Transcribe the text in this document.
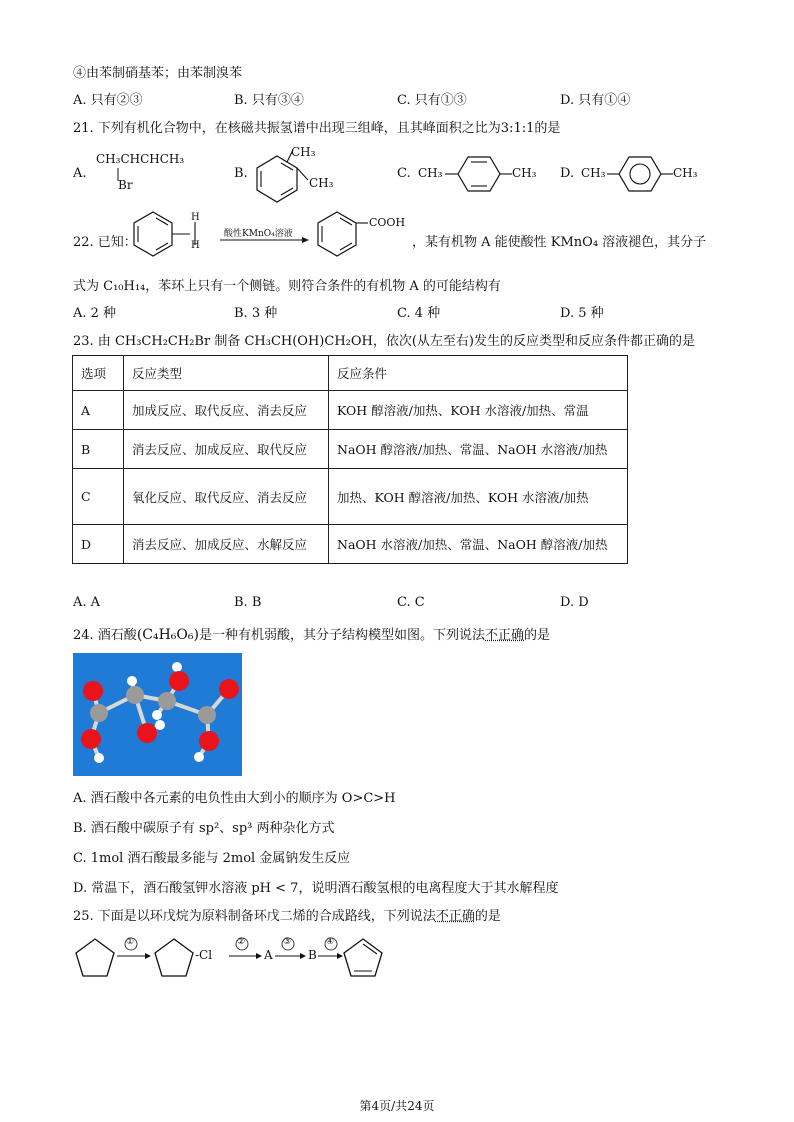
④由苯制硝基苯；由苯制溴苯
A. 只有②③	B. 只有③④	C. 只有①③	D. 只有①④
21. 下列有机化合物中，在核磁共振氢谱中出现三组峰，且其峰面积之比为3:1:1的是
A.
CH₃CHCHCH₃
Br
B.
CH₃
CH₃
C. CH₃	CH₃ D. CH₃	CH₃
22. 已知：
H
H
酸性KMnO₄溶液
COOH
，某有机物 A 能使酸性 KMnO₄ 溶液褪色，其分子
式为 C₁₀H₁₄，苯环上只有一个侧链。则符合条件的有机物 A 的可能结构有
A. 2 种	B. 3 种	C. 4 种	D. 5 种
23. 由 CH₃CH₂CH₂Br 制备 CH₃CH(OH)CH₂OH，依次(从左至右)发生的反应类型和反应条件都正确的是
选项	反应类型	反应条件
A	加成反应、取代反应、消去反应	KOH 醇溶液/加热、KOH 水溶液/加热、常温
B	消去反应、加成反应、取代反应	NaOH 醇溶液/加热、常温、NaOH 水溶液/加热
C	氧化反应、取代反应、消去反应	加热、KOH 醇溶液/加热、KOH 水溶液/加热
D	消去反应、加成反应、水解反应	NaOH 水溶液/加热、常温、NaOH 醇溶液/加热
A. A	B. B	C. C	D. D
24. 酒石酸(C₄H₆O₆)是一种有机弱酸，其分子结构模型如图。下列说法不正确的是
A. 酒石酸中各元素的电负性由大到小的顺序为 O>C>H
B. 酒石酸中碳原子有 sp²、sp³ 两种杂化方式
C. 1mol 酒石酸最多能与 2mol 金属钠发生反应
D. 常温下，酒石酸氢钾水溶液 pH < 7，说明酒石酸氢根的电离程度大于其水解程度
25. 下面是以环戊烷为原料制备环戊二烯的合成路线，下列说法不正确的是
①	②	③	④
-Cl	A	B
第4页/共24页
